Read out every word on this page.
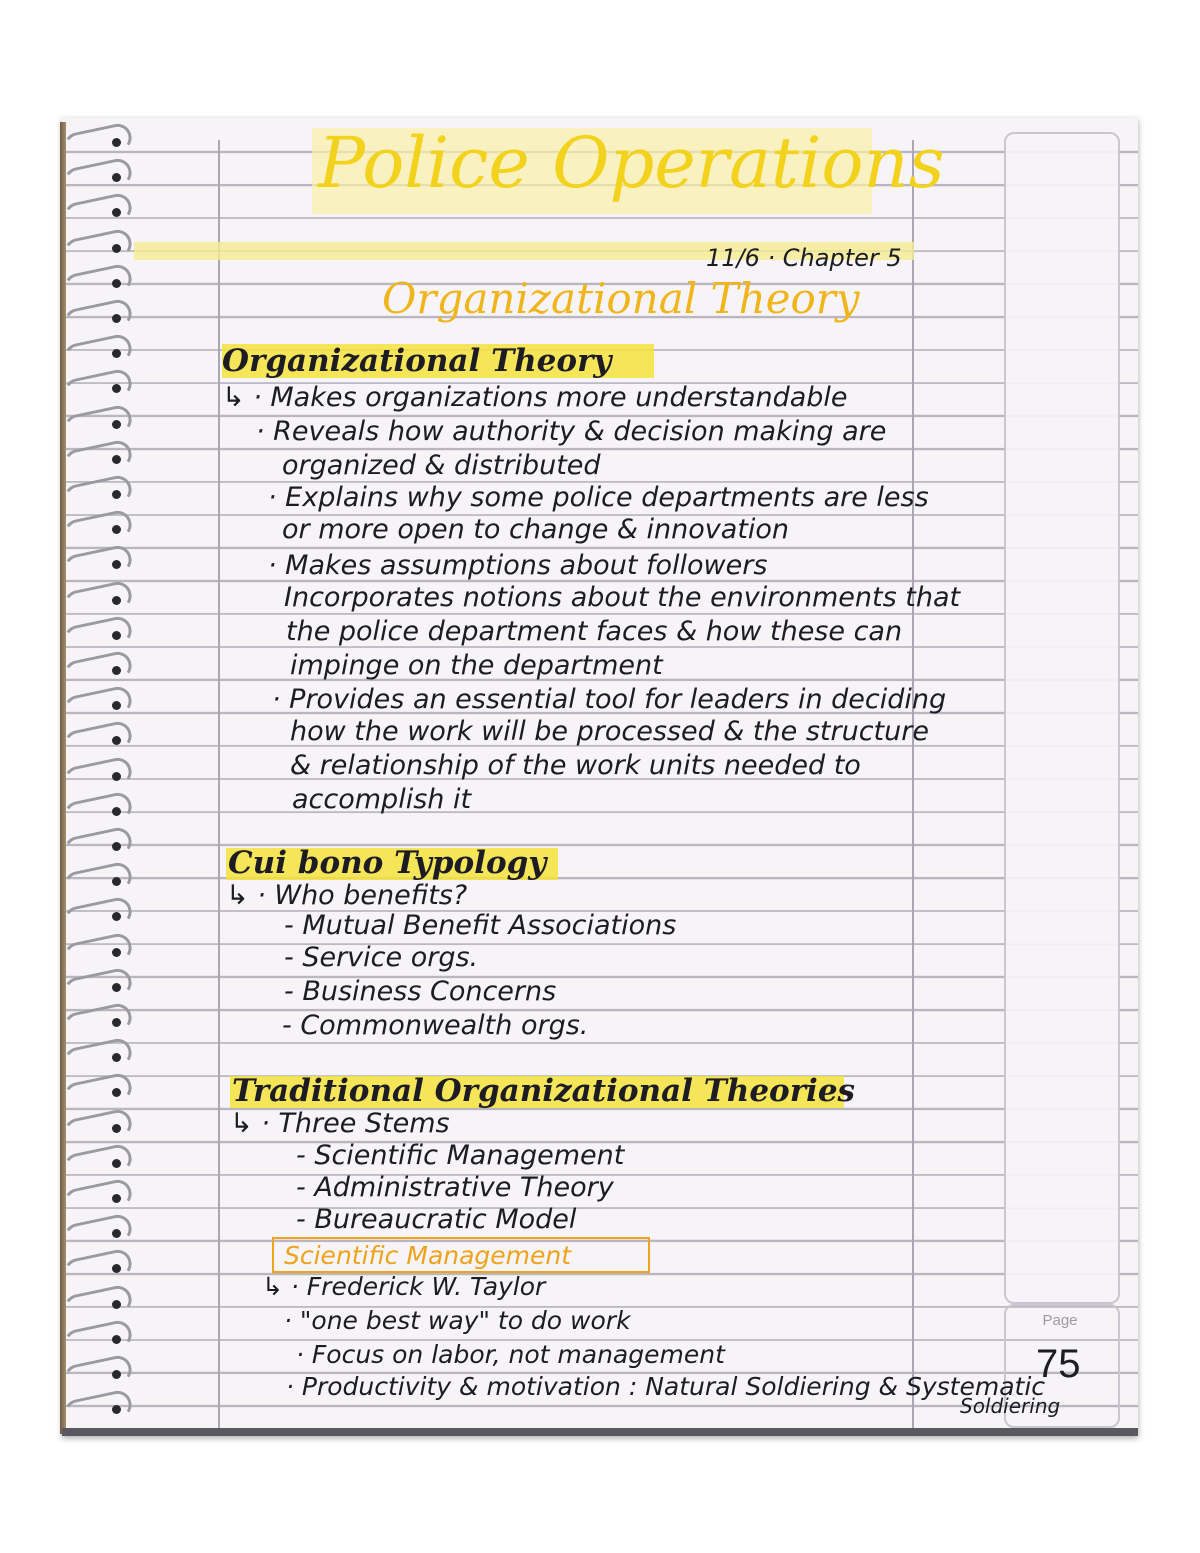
Page
75
Police Operations
11/6 · Chapter 5
Organizational Theory
Organizational Theory
↳ · Makes organizations more understandable
· Reveals how authority & decision making are
organized & distributed
· Explains why some police departments are less
or more open to change & innovation
· Makes assumptions about followers
Incorporates notions about the environments that
the police department faces & how these can
impinge on the department
· Provides an essential tool for leaders in deciding
how the work will be processed & the structure
& relationship of the work units needed to
accomplish it
Cui bono Typology
↳ · Who benefits?
- Mutual Benefit Associations
- Service orgs.
- Business Concerns
- Commonwealth orgs.
Traditional Organizational Theories
↳ · Three Stems
- Scientific Management
- Administrative Theory
- Bureaucratic Model
Scientific Management
↳ · Frederick W. Taylor
· "one best way" to do work
· Focus on labor, not management
· Productivity & motivation : Natural Soldiering & Systematic
Soldiering
